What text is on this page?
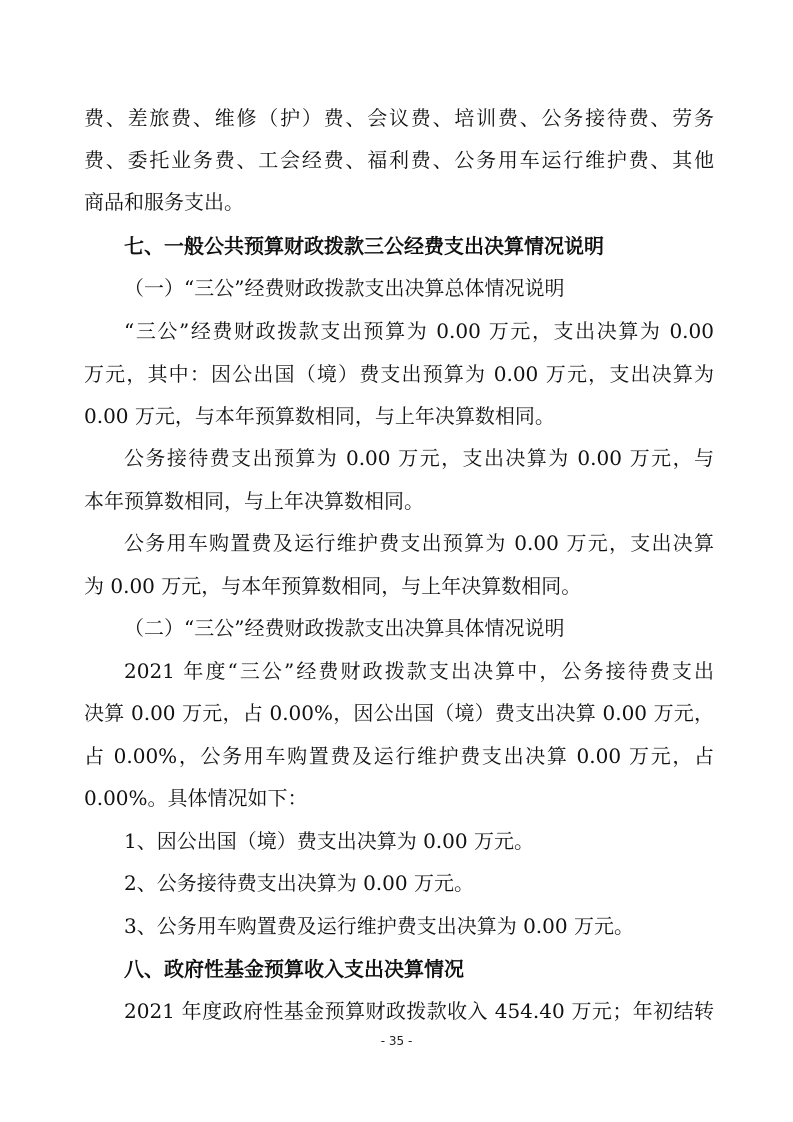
费、差旅费、维修（护）费、会议费、培训费、公务接待费、劳务
费、委托业务费、工会经费、福利费、公务用车运行维护费、其他
商品和服务支出。
七、一般公共预算财政拨款三公经费支出决算情况说明
（一）“三公”经费财政拨款支出决算总体情况说明
“三公”经费财政拨款支出预算为 0.00 万元，支出决算为 0.00
万元，其中：因公出国（境）费支出预算为 0.00 万元，支出决算为
0.00 万元，与本年预算数相同，与上年决算数相同。
公务接待费支出预算为 0.00 万元，支出决算为 0.00 万元，与
本年预算数相同，与上年决算数相同。
公务用车购置费及运行维护费支出预算为 0.00 万元，支出决算
为 0.00 万元，与本年预算数相同，与上年决算数相同。
（二）“三公”经费财政拨款支出决算具体情况说明
2021 年度“三公”经费财政拨款支出决算中，公务接待费支出
决算 0.00 万元，占 0.00%，因公出国（境）费支出决算 0.00 万元，
占 0.00%，公务用车购置费及运行维护费支出决算 0.00 万元，占
0.00%。具体情况如下：
1、因公出国（境）费支出决算为 0.00 万元。
2、公务接待费支出决算为 0.00 万元。
3、公务用车购置费及运行维护费支出决算为 0.00 万元。
八、政府性基金预算收入支出决算情况
2021 年度政府性基金预算财政拨款收入 454.40 万元；年初结转
- 35 -
